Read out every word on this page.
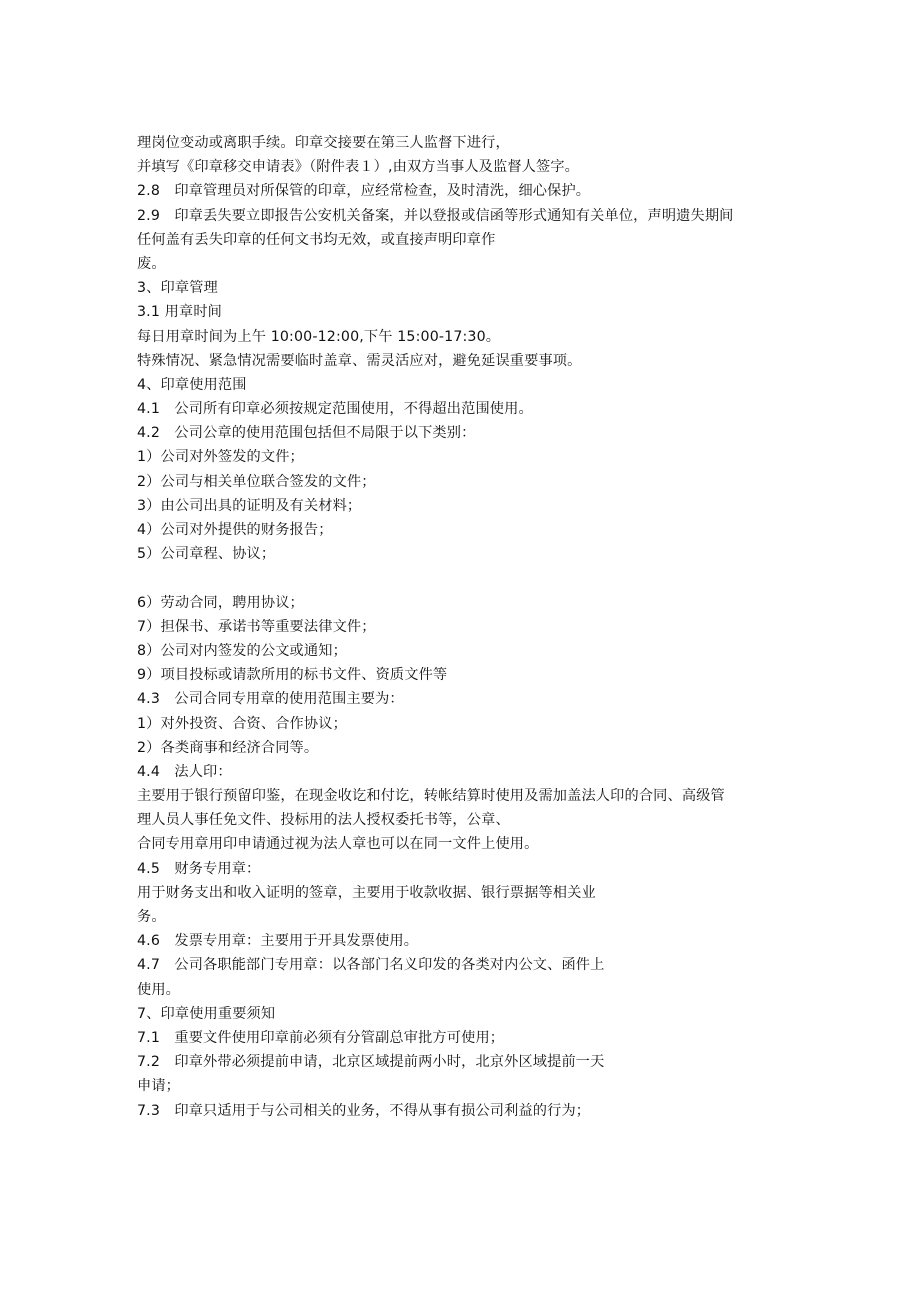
理岗位变动或离职手续。印章交接要在第三人监督下进行，
并填写《印章移交申请表》（附件表１）,由双方当事人及监督人签字。
2.8　印章管理员对所保管的印章，应经常检查，及时清洗，细心保护。
2.9　印章丢失要立即报告公安机关备案，并以登报或信函等形式通知有关单位，声明遗失期间
任何盖有丢失印章的任何文书均无效，或直接声明印章作
废。
3、印章管理
3.1 用章时间
每日用章时间为上午 10:00-12:00,下午 15:00-17:30。
特殊情况、紧急情况需要临时盖章、需灵活应对，避免延误重要事项。
4、印章使用范围
4.1　公司所有印章必须按规定范围使用，不得超出范围使用。
4.2　公司公章的使用范围包括但不局限于以下类别：
1）公司对外签发的文件；
2）公司与相关单位联合签发的文件；
3）由公司出具的证明及有关材料；
4）公司对外提供的财务报告；
5）公司章程、协议；
6）劳动合同，聘用协议；
7）担保书、承诺书等重要法律文件；
8）公司对内签发的公文或通知；
9）项目投标或请款所用的标书文件、资质文件等
4.3　公司合同专用章的使用范围主要为：
1）对外投资、合资、合作协议；
2）各类商事和经济合同等。
4.4　法人印：
主要用于银行预留印鉴，在现金收讫和付讫，转帐结算时使用及需加盖法人印的合同、高级管
理人员人事任免文件、投标用的法人授权委托书等，公章、
合同专用章用印申请通过视为法人章也可以在同一文件上使用。
4.5　财务专用章：
用于财务支出和收入证明的签章，主要用于收款收据、银行票据等相关业
务。
4.6　发票专用章：主要用于开具发票使用。
4.7　公司各职能部门专用章：以各部门名义印发的各类对内公文、函件上
使用。
7、印章使用重要须知
7.1　重要文件使用印章前必须有分管副总审批方可使用；
7.2　印章外带必须提前申请，北京区域提前两小时，北京外区域提前一天
申请；
7.3　印章只适用于与公司相关的业务，不得从事有损公司利益的行为；
